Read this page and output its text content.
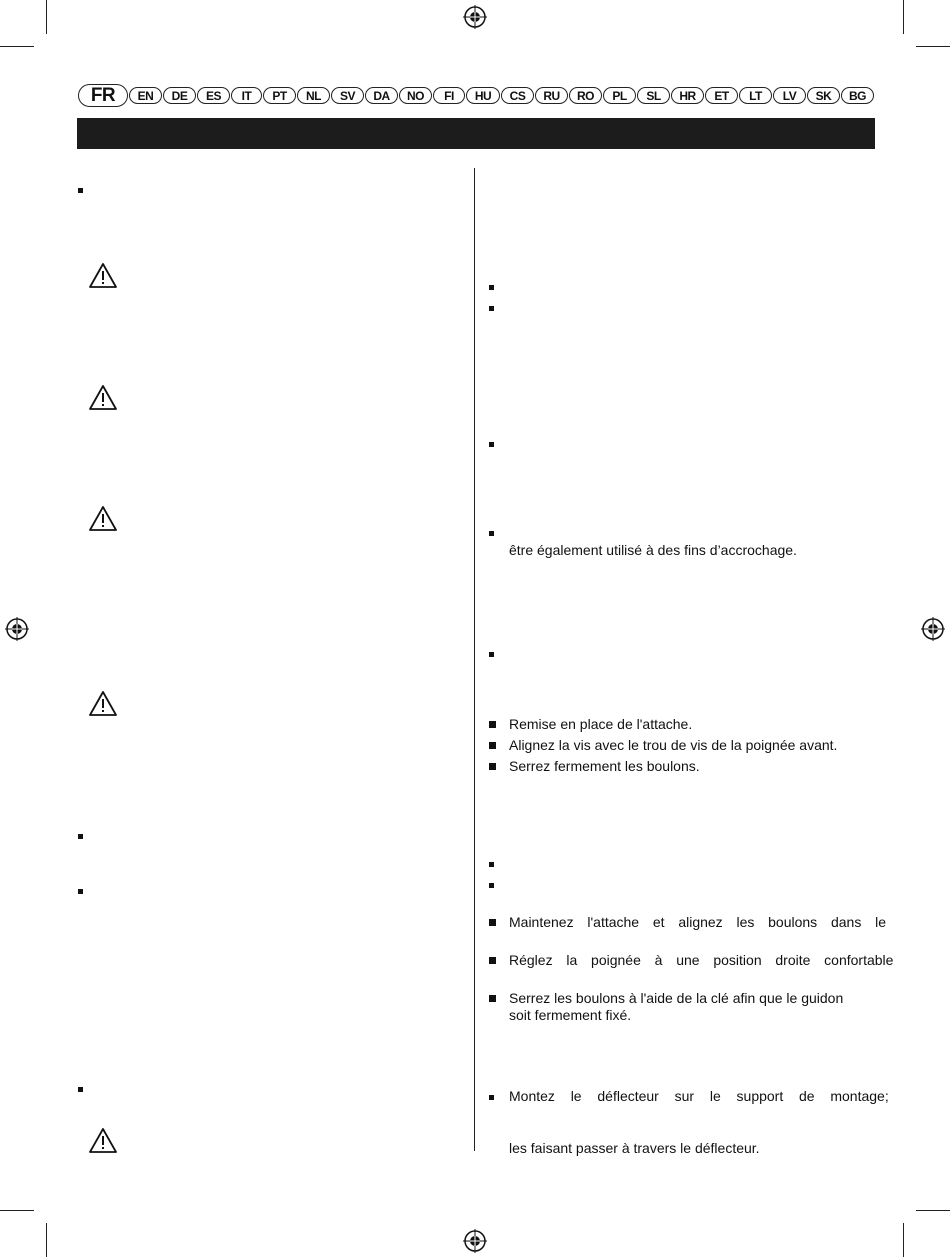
FR	EN	DE	ES	IT	PT	NL	SV	DA	NO	FI	HU	CS	RU	RO	PL	SL	HR	ET	LT	LV	SK	BG
être également utilisé à des fins d’accrochage.
Remise en place de l'attache.
Alignez la vis avec le trou de vis de la poignée avant.
Serrez fermement les boulons.
Maintenez  l'attache  et  alignez  les  boulons  dans  le
Réglez  la  poignée  à  une  position  droite  confortable
Serrez les boulons à l'aide de la clé afin que le guidon
soit fermement fixé.
Montez  le  déflecteur  sur  le  support  de  montage;
les faisant passer à travers le déflecteur.
